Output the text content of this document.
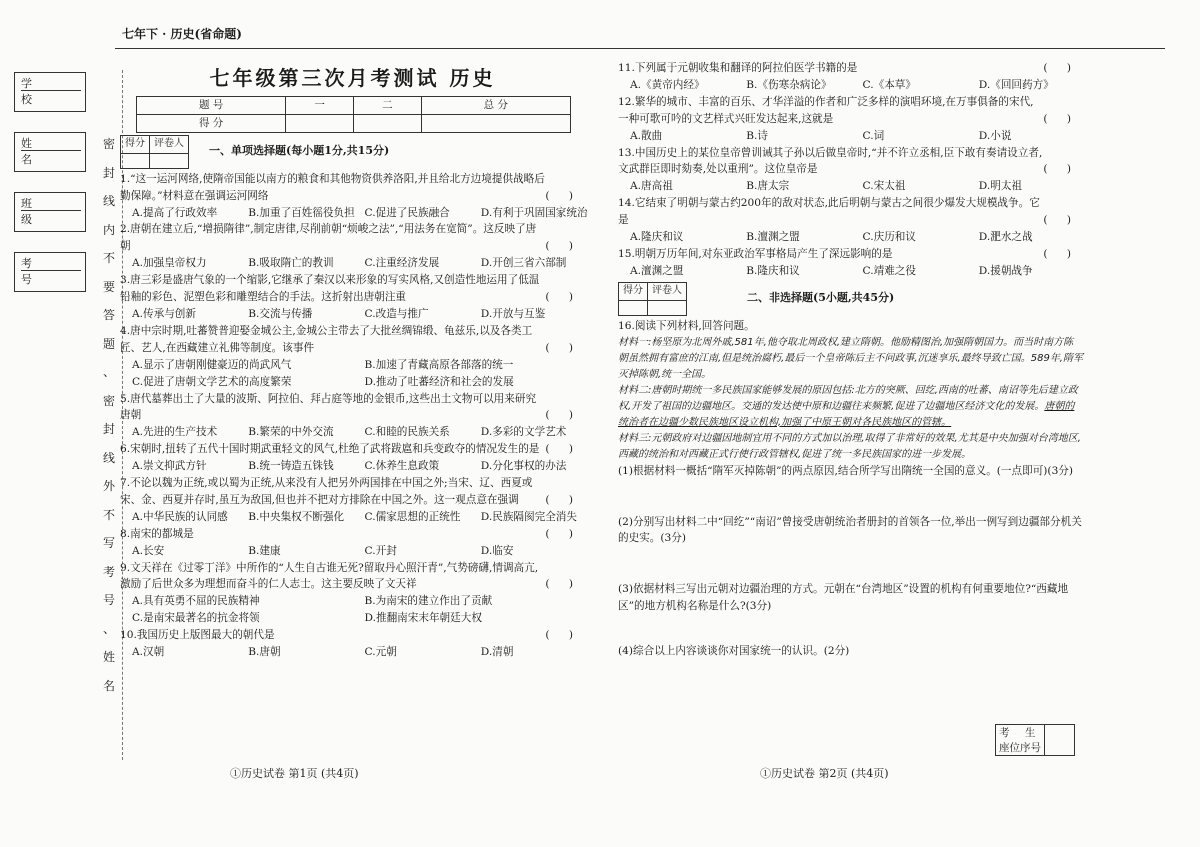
七年下 · 历史(省命题)
学 校
姓 名
班 级
考 号
密
封
线
内
不
要
答
题
、
密
封
线
外
不
写
考
号
、
姓
名
七年级第三次月考测试 历史
题 号	一	二	总 分
得 分			
得分	评卷人

一、单项选择题(每小题1分,共15分)
1.“这一运河网络,使隋帝国能以南方的粮食和其他物资供养洛阳,并且给北方边境提供战略后勤保障。”材料意在强调运河网络	( )
A.提高了行政效率	B.加重了百姓徭役负担 C.促进了民族融合	D.有利于巩固国家统治
2.唐朝在建立后,“增损隋律”,制定唐律,尽削前朝“烦峻之法”,“用法务在宽简”。这反映了唐朝	( )
A.加强皇帝权力	B.吸取隋亡的教训	C.注重经济发展	D.开创三省六部制
3.唐三彩是盛唐气象的一个缩影,它继承了秦汉以来形象的写实风格,又创造性地运用了低温铅釉的彩色、泥塑色彩和雕塑结合的手法。这折射出唐朝注重	( )
A.传承与创新	B.交流与传播	C.改造与推广	D.开放与互鉴
4.唐中宗时期,吐蕃赞普迎娶金城公主,金城公主带去了大批丝绸锦缎、龟兹乐,以及各类工匠、艺人,在西藏建立礼佛等制度。该事件	( )
A.显示了唐朝刚健豪迈的尚武风气	B.加速了青藏高原各部落的统一
C.促进了唐朝文学艺术的高度繁荣	D.推动了吐蕃经济和社会的发展
5.唐代墓葬出土了大量的波斯、阿拉伯、拜占庭等地的金银币,这些出土文物可以用来研究唐朝	( )
A.先进的生产技术	B.繁荣的中外交流	C.和睦的民族关系	D.多彩的文学艺术
6.宋朝时,扭转了五代十国时期武重轻文的风气,杜绝了武将跋扈和兵变政夺的情况发生的是 ( )
A.崇文抑武方针	B.统一铸造五铢钱	C.休养生息政策	D.分化事权的办法
7.不论以魏为正统,或以蜀为正统,从来没有人把另外两国排在中国之外;当宋、辽、西夏或宋、金、西夏并存时,虽互为敌国,但也并不把对方排除在中国之外。这一观点意在强调	( )
A.中华民族的认同感	B.中央集权不断强化	C.儒家思想的正统性	D.民族隔阂完全消失
8.南宋的都城是	( )
A.长安	B.建康	C.开封	D.临安
9.文天祥在《过零丁洋》中所作的“人生自古谁无死?留取丹心照汗青”,气势磅礴,情调高亢,激励了后世众多为理想而奋斗的仁人志士。这主要反映了文天祥	( )
A.具有英勇不屈的民族精神	B.为南宋的建立作出了贡献
C.是南宋最著名的抗金将领	D.推翻南宋末年朝廷大权
10.我国历史上版图最大的朝代是	( )
A.汉朝	B.唐朝	C.元朝	D.清朝
11.下列属于元朝收集和翻译的阿拉伯医学书籍的是	( )
A.《黄帝内经》	B.《伤寒杂病论》	C.《本草》	D.《回回药方》
12.繁华的城市、丰富的百乐、才华洋溢的作者和广泛多样的演唱环境,在万事俱备的宋代,一种可歌可吟的文艺样式兴旺发达起来,这就是	( )
A.散曲	B.诗	C.词	D.小说
13.中国历史上的某位皇帝曾训诫其子孙以后做皇帝时,“并不许立丞相,臣下敢有奏请设立者,文武群臣即时劾奏,处以重刑”。这位皇帝是	( )
A.唐高祖	B.唐太宗	C.宋太祖	D.明太祖
14.它结束了明朝与蒙古约200年的敌对状态,此后明朝与蒙古之间很少爆发大规模战争。它是	( )
A.隆庆和议	B.澶渊之盟	C.庆历和议	D.淝水之战
15.明朝万历年间,对东亚政治军事格局产生了深远影响的是	( )
A.澶渊之盟	B.隆庆和议	C.靖难之役	D.援朝战争
得分	评卷人

二、非选择题(5小题,共45分)
16.阅读下列材料,回答问题。
材料一:杨坚原为北周外戚,581年,他夺取北周政权,建立隋朝。他励精图治,加强隋朝国力。而当时南方陈朝虽然拥有富庶的江南,但是统治腐朽,最后一个皇帝陈后主不问政事,沉迷享乐,最终导致亡国。589年,隋军灭掉陈朝,统一全国。
材料二:唐朝时期统一多民族国家能够发展的原因包括:北方的突厥、回纥,西南的吐蕃、南诏等先后建立政权,开发了祖国的边疆地区。交通的发达使中原和边疆往来频繁,促进了边疆地区经济文化的发展。唐朝的统治者在边疆少数民族地区设立机构,加强了中原王朝对各民族地区的管辖。
材料三:元朝政府对边疆因地制宜用不同的方式加以治理,取得了非常好的效果,尤其是中央加强对台湾地区,西藏的统治和对西藏正式行使行政管辖权,促进了统一多民族国家的进一步发展。
(1)根据材料一概括“隋军灭掉陈朝”的两点原因,结合所学写出隋统一全国的意义。(一点即可)(3分)
(2)分别写出材料二中“回纥”“南诏”曾接受唐朝统治者册封的首领各一位,举出一例写到边疆部分机关的史实。(3分)
(3)依据材料三写出元朝对边疆治理的方式。元朝在“台湾地区”设置的机构有何重要地位?“西藏地区”的地方机构名称是什么?(3分)
(4)综合以上内容谈谈你对国家统一的认识。(2分)
考 生
座位序号

①历史试卷 第1页 (共4页)	①历史试卷 第2页 (共4页)
